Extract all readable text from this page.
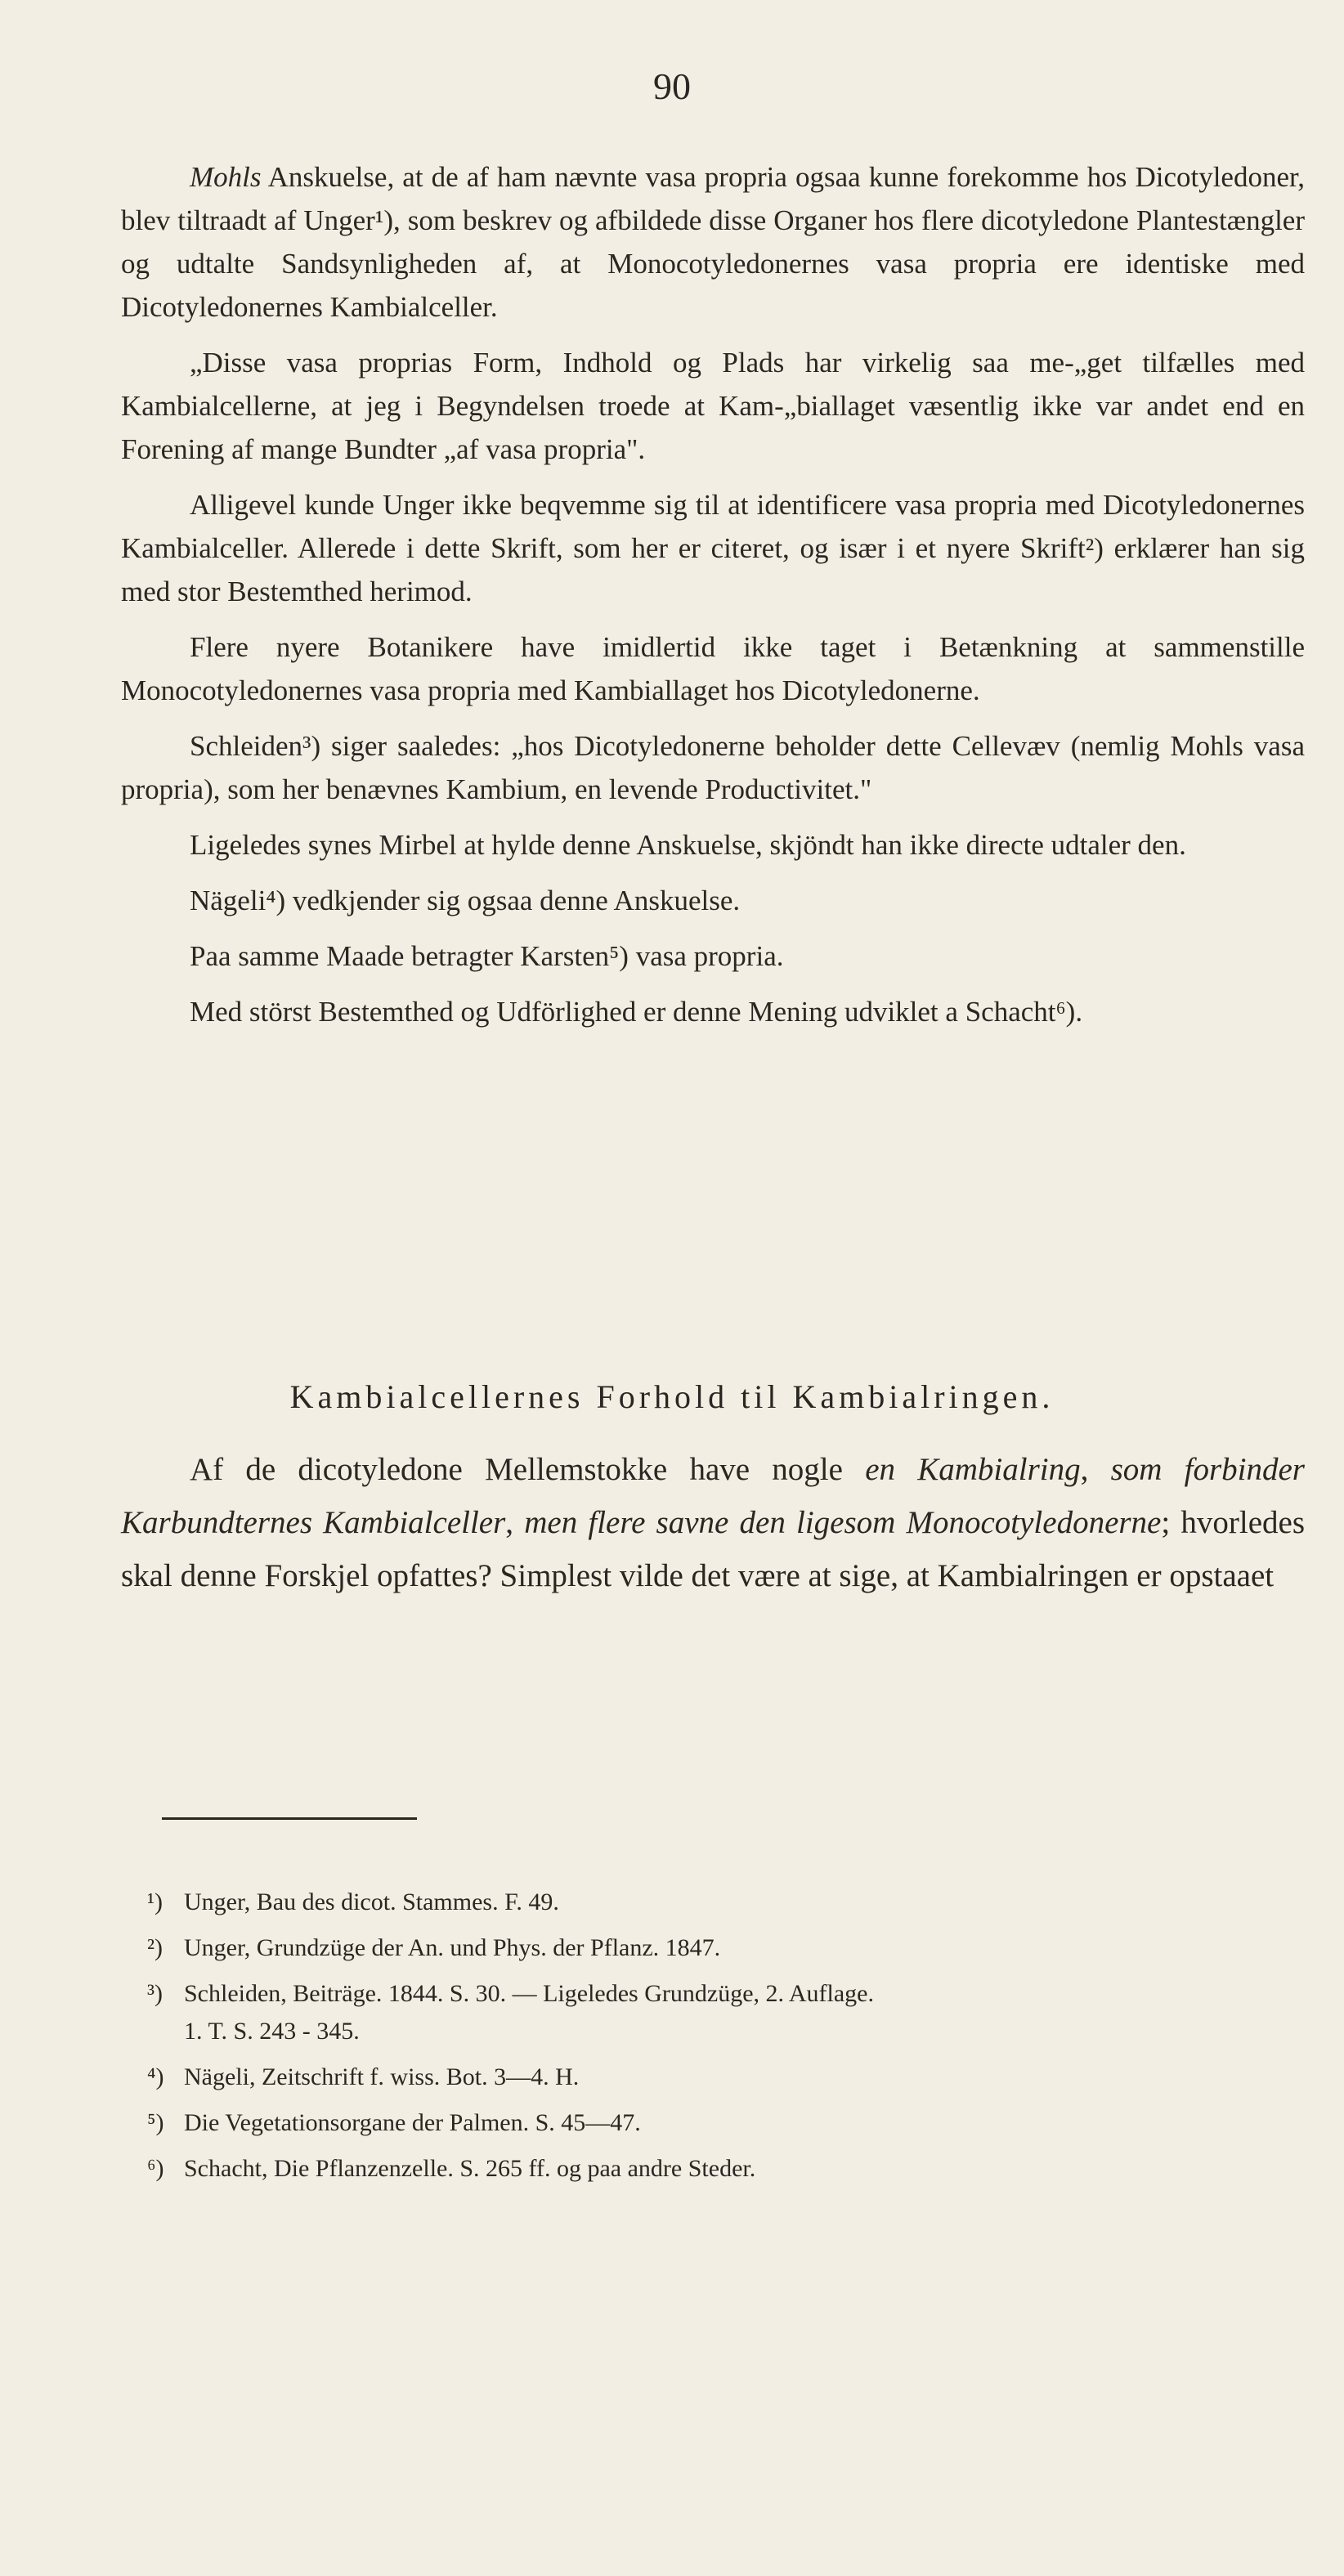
90

Mohls Anskuelse, at de af ham nævnte vasa propria ogsaa kunne forekomme hos Dicotyledoner, blev tiltraadt af Unger¹), som beskrev og afbildede disse Organer hos flere dicotyledone Plantestængler og udtalte Sandsynligheden af, at Monocotyledonernes vasa propria ere identiske med Dicotyledonernes Kambialceller.

„Disse vasa proprias Form, Indhold og Plads har virkelig saa me-„get tilfælles med Kambialcellerne, at jeg i Begyndelsen troede at Kam-„biallaget væsentlig ikke var andet end en Forening af mange Bundter „af vasa propria".

Alligevel kunde Unger ikke beqvemme sig til at identificere vasa propria med Dicotyledonernes Kambialceller. Allerede i dette Skrift, som her er citeret, og især i et nyere Skrift²) erklærer han sig med stor Bestemthed herimod.

Flere nyere Botanikere have imidlertid ikke taget i Betænkning at sammenstille Monocotyledonernes vasa propria med Kambiallaget hos Dicotyledonerne.

Schleiden³) siger saaledes: „hos Dicotyledonerne beholder dette Cellevæv (nemlig Mohls vasa propria), som her benævnes Kambium, en levende Productivitet."

Ligeledes synes Mirbel at hylde denne Anskuelse, skjöndt han ikke directe udtaler den.

Nägeli⁴) vedkjender sig ogsaa denne Anskuelse.

Paa samme Maade betragter Karsten⁵) vasa propria.

Med störst Bestemthed og Udförlighed er denne Mening udviklet a Schacht⁶).

Kambialcellernes Forhold til Kambialringen.

Af de dicotyledone Mellemstokke have nogle en Kambialring, som forbinder Karbundternes Kambialceller, men flere savne den ligesom Monocotyledonerne; hvorledes skal denne Forskjel opfattes? Simplest vilde det være at sige, at Kambialringen er opstaaet

¹) Unger, Bau des dicot. Stammes. F. 49.

²) Unger, Grundzüge der An. und Phys. der Pflanz. 1847.

³) Schleiden, Beiträge. 1844. S. 30. — Ligeledes Grundzüge, 2. Auflage.
1. T. S. 243 - 345.

⁴) Nägeli, Zeitschrift f. wiss. Bot. 3—4. H.

⁵) Die Vegetationsorgane der Palmen. S. 45—47.

⁶) Schacht, Die Pflanzenzelle. S. 265 ff. og paa andre Steder.
